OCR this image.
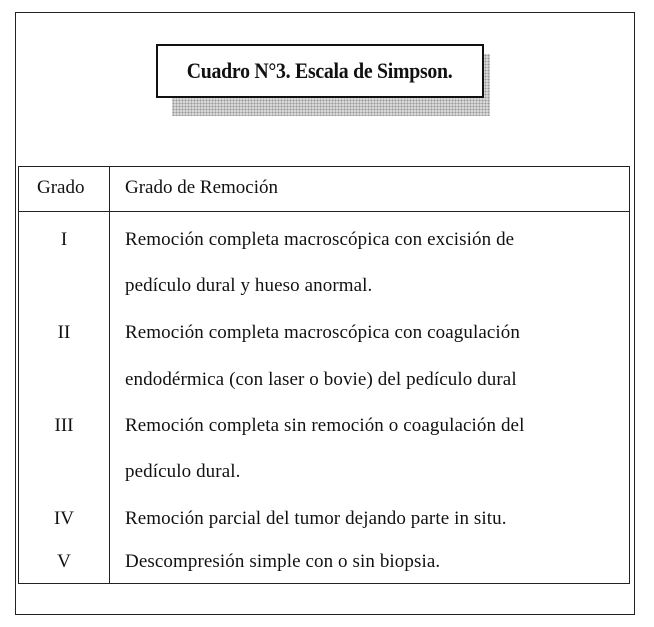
Cuadro N°3. Escala de Simpson.
Grado Grado de Remoción
I	Remoción completa macroscópica con excisión de
pedículo dural y hueso anormal.
II	Remoción completa macroscópica con coagulación
endodérmica (con laser o bovie) del pedículo dural
III	Remoción completa sin remoción o coagulación del
pedículo dural.
IV	Remoción parcial del tumor dejando parte in situ.
V	Descompresión simple con o sin biopsia.
